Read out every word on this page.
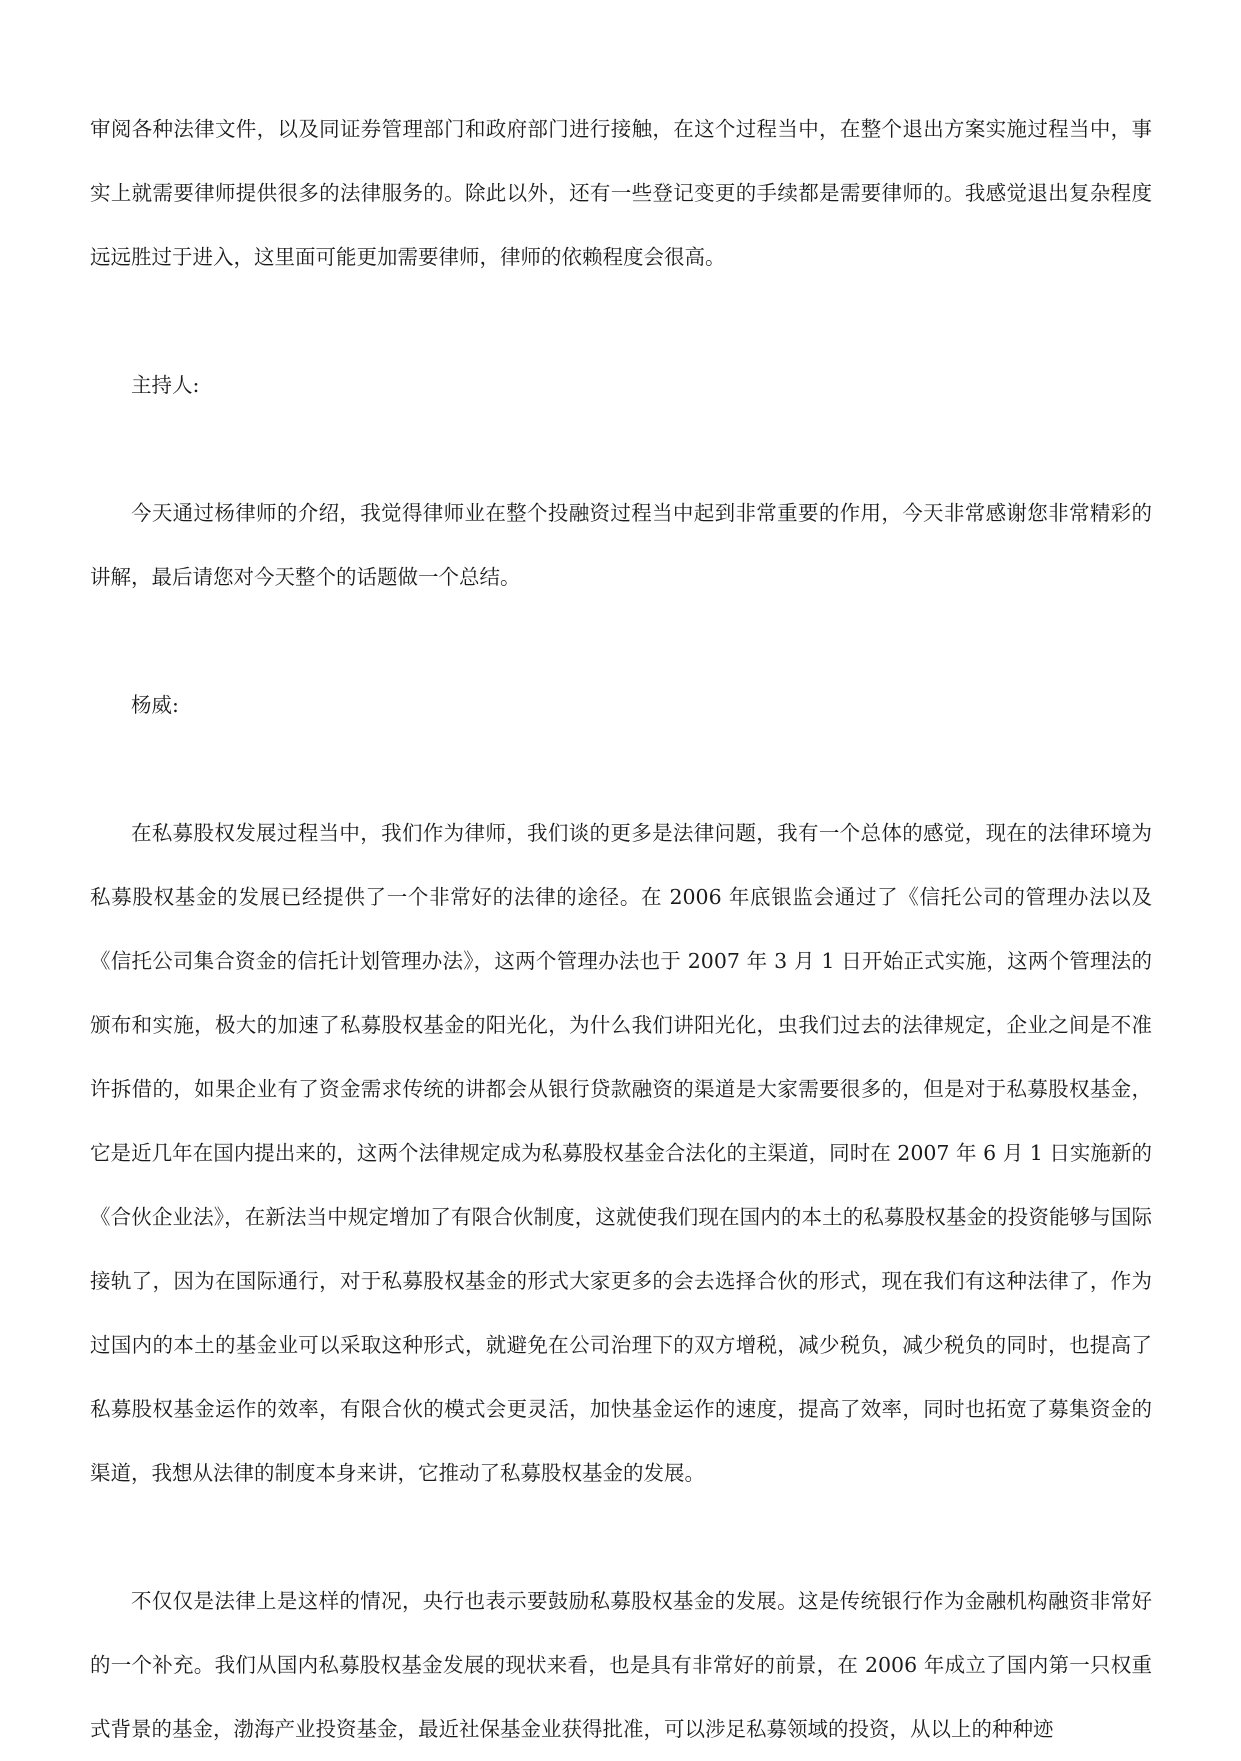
审阅各种法律文件，以及同证券管理部门和政府部门进行接触，在这个过程当中，在整个退出方案实施过程当中，事实上就需要律师提供很多的法律服务的。除此以外，还有一些登记变更的手续都是需要律师的。我感觉退出复杂程度远远胜过于进入，这里面可能更加需要律师，律师的依赖程度会很高。

主持人:

今天通过杨律师的介绍，我觉得律师业在整个投融资过程当中起到非常重要的作用，今天非常感谢您非常精彩的讲解，最后请您对今天整个的话题做一个总结。

杨威:

在私募股权发展过程当中，我们作为律师，我们谈的更多是法律问题，我有一个总体的感觉，现在的法律环境为私募股权基金的发展已经提供了一个非常好的法律的途径。在 2006 年底银监会通过了《信托公司的管理办法以及《信托公司集合资金的信托计划管理办法》，这两个管理办法也于 2007 年 3 月 1 日开始正式实施，这两个管理法的颁布和实施，极大的加速了私募股权基金的阳光化，为什么我们讲阳光化，虫我们过去的法律规定，企业之间是不准许拆借的，如果企业有了资金需求传统的讲都会从银行贷款融资的渠道是大家需要很多的，但是对于私募股权基金，它是近几年在国内提出来的，这两个法律规定成为私募股权基金合法化的主渠道，同时在 2007 年 6 月 1 日实施新的《合伙企业法》，在新法当中规定增加了有限合伙制度，这就使我们现在国内的本土的私募股权基金的投资能够与国际接轨了，因为在国际通行，对于私募股权基金的形式大家更多的会去选择合伙的形式，现在我们有这种法律了，作为过国内的本土的基金业可以采取这种形式，就避免在公司治理下的双方增税，减少税负，减少税负的同时，也提高了私募股权基金运作的效率，有限合伙的模式会更灵活，加快基金运作的速度，提高了效率，同时也拓宽了募集资金的渠道，我想从法律的制度本身来讲，它推动了私募股权基金的发展。

不仅仅是法律上是这样的情况，央行也表示要鼓励私募股权基金的发展。这是传统银行作为金融机构融资非常好的一个补充。我们从国内私募股权基金发展的现状来看，也是具有非常好的前景，在 2006 年成立了国内第一只权重式背景的基金，渤海产业投资基金，最近社保基金业获得批准，可以涉足私募领域的投资，从以上的种种迹
